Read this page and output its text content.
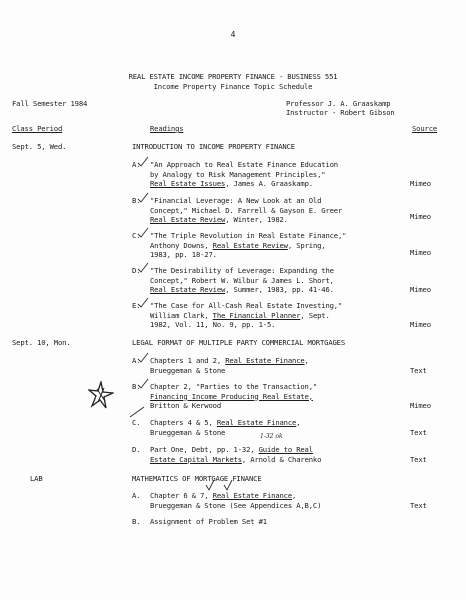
4
REAL ESTATE INCOME PROPERTY FINANCE - BUSINESS 551
Income Property Finance Topic Schedule
Fall Semester 1984	Professor J. A. Graaskamp
Instructor - Robert Gibson
Class Period	Readings	Source
Sept. 5, Wed.	INTRODUCTION TO INCOME PROPERTY FINANCE
A. "An Approach to Real Estate Finance Education
by Analogy to Risk Management Principles,"
Real Estate Issues, James A. Graaskamp.	Mimeo
B. "Financial Leverage: A New Look at an Old
Concept," Michael D. Farrell & Gayson E. Greer
Real Estate Review, Winter, 1982.	Mimeo
C. "The Triple Revolution in Real Estate Finance,"
Anthony Downs, Real Estate Review, Spring,
1983, pp. 18-27.	Mimeo
D. "The Desirability of Leverage: Expanding the
Concept," Robert W. Wilbur & James L. Short,
Real Estate Review, Summer, 1983, pp. 41-46.	Mimeo
E. "The Case for All-Cash Real Estate Investing,"
William Clark, The Financial Planner, Sept.
1982, Vol. 11, No. 9, pp. 1-5.	Mimeo
Sept. 10, Mon.	LEGAL FORMAT OF MULTIPLE PARTY COMMERCIAL MORTGAGES
A. Chapters 1 and 2, Real Estate Finance,
Brueggeman & Stone	Text
B. Chapter 2, "Parties to the Transaction,"
Financing Income Producing Real Estate,
Britton & Kerwood	Mimeo
C. Chapters 4 & 5, Real Estate Finance,
Brueggeman & Stone	Text
D. Part One, Debt, pp. 1-32, Guide to Real
Estate Capital Markets, Arnold & Charenko	Text
LAB	MATHEMATICS OF MORTGAGE FINANCE
A. Chapter 6 & 7, Real Estate Finance,
Brueggeman & Stone (See Appendices A,B,C)	Text
B. Assignment of Problem Set #1
1-32 ok
